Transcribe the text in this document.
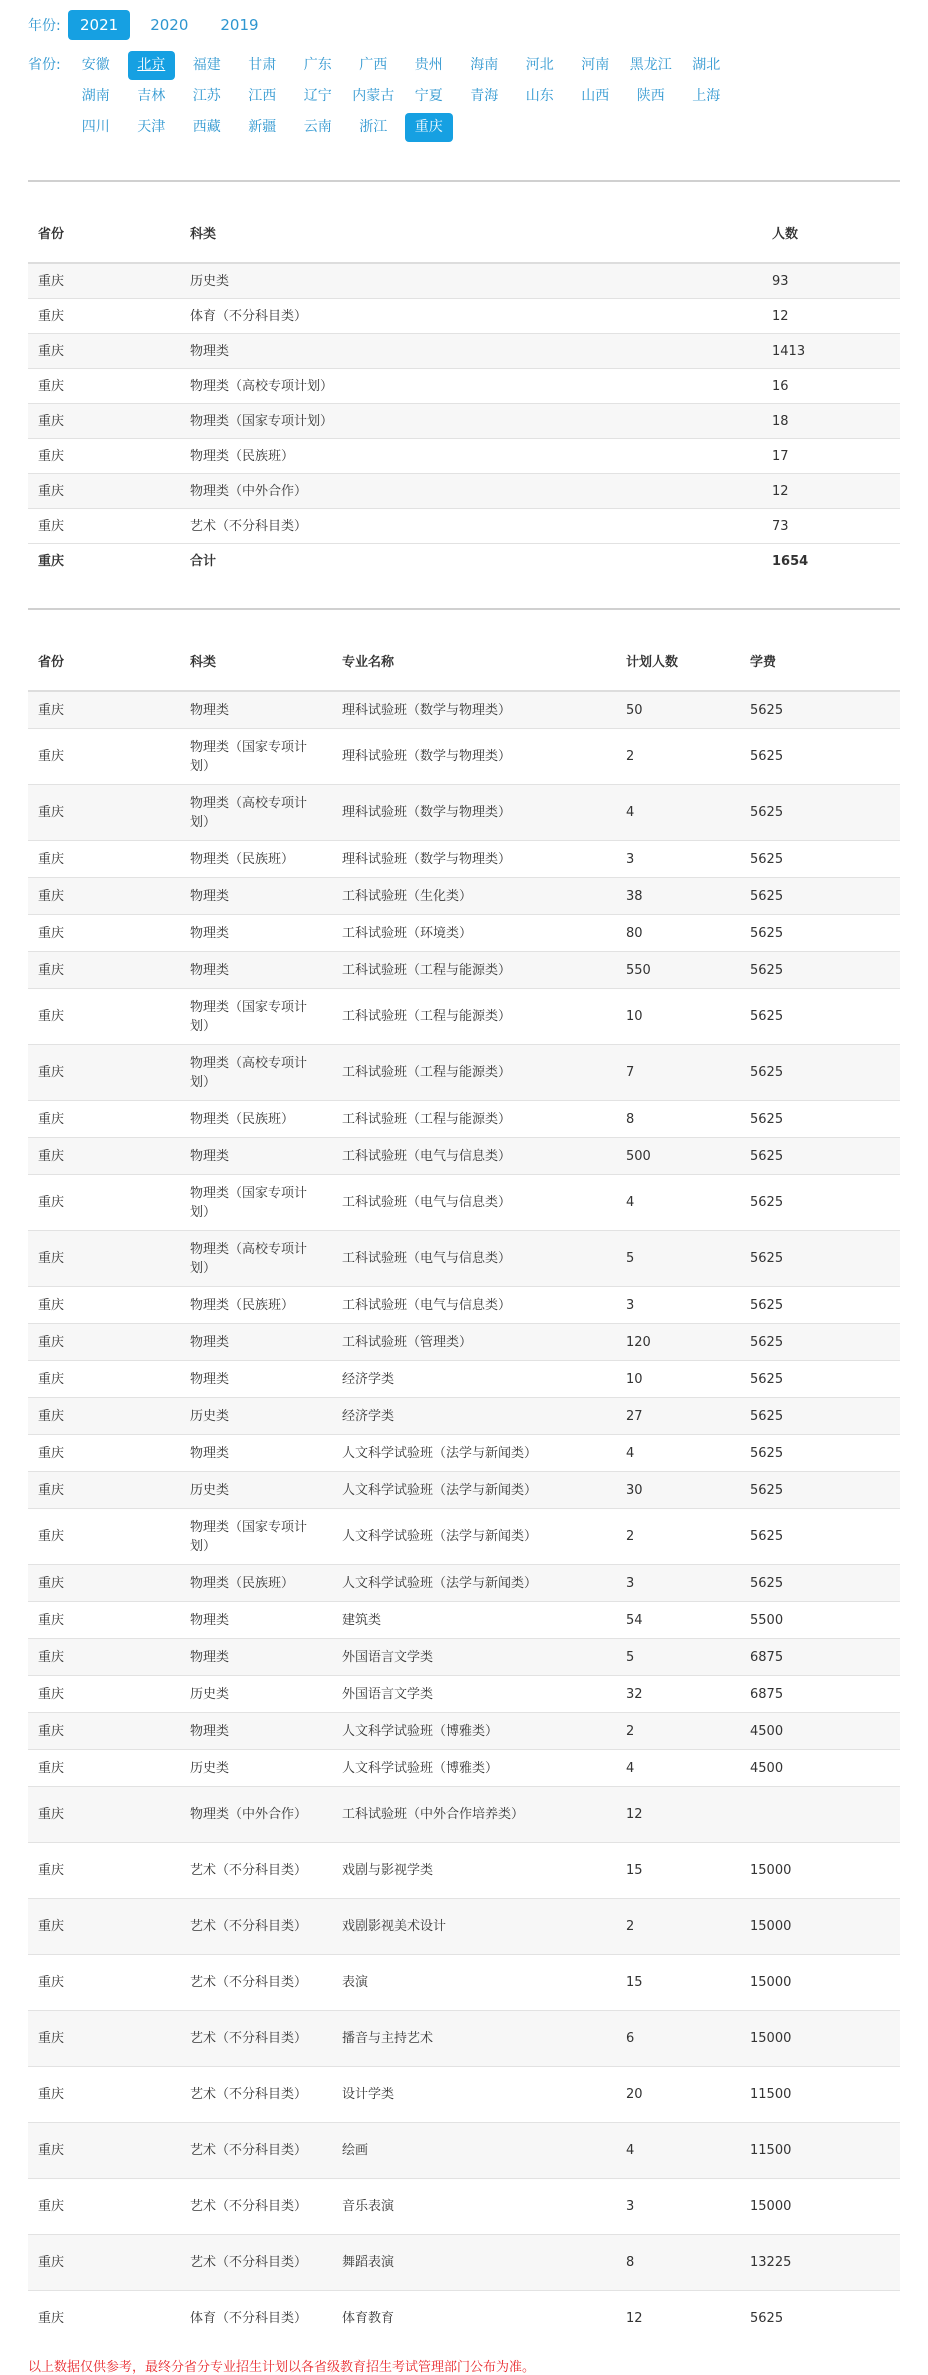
年份:	2021	2020	2019
省份:	安徽	北京	福建	甘肃	广东	广西	贵州	海南	河北	河南	黑龙江	湖北
湖南	吉林	江苏	江西	辽宁	内蒙古	宁夏	青海	山东	山西	陕西	上海
四川	天津	西藏	新疆	云南	浙江	重庆
省份	科类	人数
重庆	历史类	93
重庆	体育（不分科目类）	12
重庆	物理类	1413
重庆	物理类（高校专项计划）	16
重庆	物理类（国家专项计划）	18
重庆	物理类（民族班）	17
重庆	物理类（中外合作）	12
重庆	艺术（不分科目类）	73
重庆	合计	1654
省份	科类	专业名称	计划人数	学费
重庆	物理类	理科试验班（数学与物理类）	50	5625
重庆	物理类（国家专项计划）	理科试验班（数学与物理类）	2	5625
重庆	物理类（高校专项计划）	理科试验班（数学与物理类）	4	5625
重庆	物理类（民族班）	理科试验班（数学与物理类）	3	5625
重庆	物理类	工科试验班（生化类）	38	5625
重庆	物理类	工科试验班（环境类）	80	5625
重庆	物理类	工科试验班（工程与能源类）	550	5625
重庆	物理类（国家专项计划）	工科试验班（工程与能源类）	10	5625
重庆	物理类（高校专项计划）	工科试验班（工程与能源类）	7	5625
重庆	物理类（民族班）	工科试验班（工程与能源类）	8	5625
重庆	物理类	工科试验班（电气与信息类）	500	5625
重庆	物理类（国家专项计划）	工科试验班（电气与信息类）	4	5625
重庆	物理类（高校专项计划）	工科试验班（电气与信息类）	5	5625
重庆	物理类（民族班）	工科试验班（电气与信息类）	3	5625
重庆	物理类	工科试验班（管理类）	120	5625
重庆	物理类	经济学类	10	5625
重庆	历史类	经济学类	27	5625
重庆	物理类	人文科学试验班（法学与新闻类）	4	5625
重庆	历史类	人文科学试验班（法学与新闻类）	30	5625
重庆	物理类（国家专项计划）	人文科学试验班（法学与新闻类）	2	5625
重庆	物理类（民族班）	人文科学试验班（法学与新闻类）	3	5625
重庆	物理类	建筑类	54	5500
重庆	物理类	外国语言文学类	5	6875
重庆	历史类	外国语言文学类	32	6875
重庆	物理类	人文科学试验班（博雅类）	2	4500
重庆	历史类	人文科学试验班（博雅类）	4	4500
重庆	物理类（中外合作）	工科试验班（中外合作培养类）	12	
重庆	艺术（不分科目类）	戏剧与影视学类	15	15000
重庆	艺术（不分科目类）	戏剧影视美术设计	2	15000
重庆	艺术（不分科目类）	表演	15	15000
重庆	艺术（不分科目类）	播音与主持艺术	6	15000
重庆	艺术（不分科目类）	设计学类	20	11500
重庆	艺术（不分科目类）	绘画	4	11500
重庆	艺术（不分科目类）	音乐表演	3	15000
重庆	艺术（不分科目类）	舞蹈表演	8	13225
重庆	体育（不分科目类）	体育教育	12	5625
以上数据仅供参考，最终分省分专业招生计划以各省级教育招生考试管理部门公布为准。
